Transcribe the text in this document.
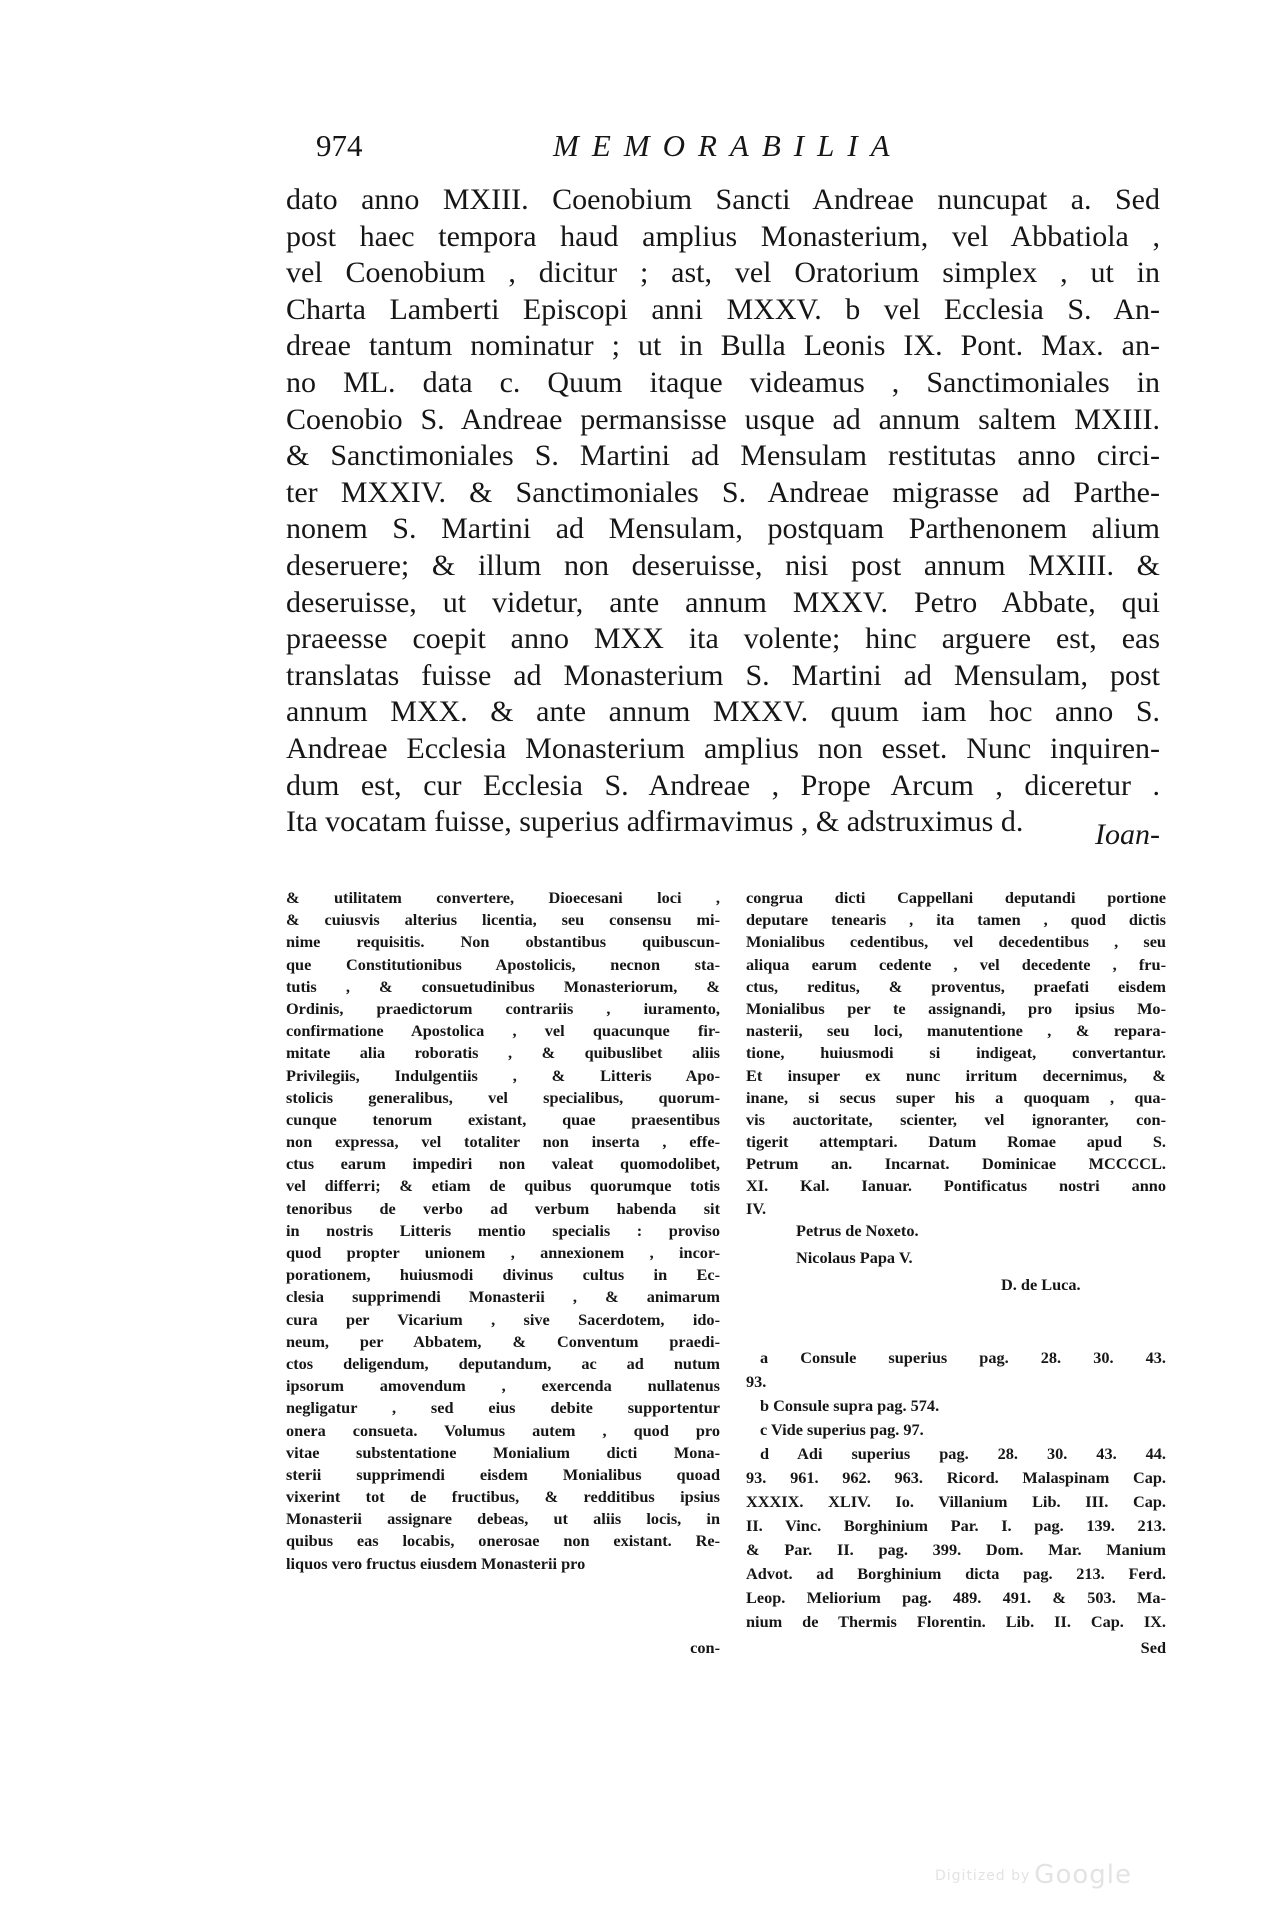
974	MEMORABILIA
dato anno MXIII. Coenobium Sancti Andreae nuncupat a. Sed
post haec tempora haud amplius Monasterium, vel Abbatiola ,
vel Coenobium , dicitur ; ast, vel Oratorium simplex , ut in
Charta Lamberti Episcopi anni MXXV. b vel Ecclesia S. An-
dreae tantum nominatur ; ut in Bulla Leonis IX. Pont. Max. an-
no ML. data c. Quum itaque videamus , Sanctimoniales in
Coenobio S. Andreae permansisse usque ad annum saltem MXIII.
& Sanctimoniales S. Martini ad Mensulam restitutas anno circi-
ter MXXIV. & Sanctimoniales S. Andreae migrasse ad Parthe-
nonem S. Martini ad Mensulam, postquam Parthenonem alium
deseruere; & illum non deseruisse, nisi post annum MXIII. &
deseruisse, ut videtur, ante annum MXXV. Petro Abbate, qui
praeesse coepit anno MXX ita volente; hinc arguere est, eas
translatas fuisse ad Monasterium S. Martini ad Mensulam, post
annum MXX. & ante annum MXXV. quum iam hoc anno S.
Andreae Ecclesia Monasterium amplius non esset. Nunc inquiren-
dum est, cur Ecclesia S. Andreae , Prope Arcum , diceretur .
Ita vocatam fuisse, superius adfirmavimus , & adstruximus d.	Ioan-
& utilitatem convertere, Dioecesani loci ,
& cuiusvis alterius licentia, seu consensu mi-
nime requisitis. Non obstantibus quibuscun-
que Constitutionibus Apostolicis, necnon sta-
tutis , & consuetudinibus Monasteriorum, &
Ordinis, praedictorum contrariis , iuramento,
confirmatione Apostolica , vel quacunque fir-
mitate alia roboratis , & quibuslibet aliis
Privilegiis, Indulgentiis , & Litteris Apo-
stolicis generalibus, vel specialibus, quorum-
cunque tenorum existant, quae praesentibus
non expressa, vel totaliter non inserta , effe-
ctus earum impediri non valeat quomodolibet,
vel differri; & etiam de quibus quorumque totis
tenoribus de verbo ad verbum habenda sit
in nostris Litteris mentio specialis : proviso
quod propter unionem , annexionem , incor-
porationem, huiusmodi divinus cultus in Ec-
clesia supprimendi Monasterii , & animarum
cura per Vicarium , sive Sacerdotem, ido-
neum, per Abbatem, & Conventum praedi-
ctos deligendum, deputandum, ac ad nutum
ipsorum amovendum , exercenda nullatenus
negligatur , sed eius debite supportentur
onera consueta. Volumus autem , quod pro
vitae substentatione Monialium dicti Mona-
sterii supprimendi eisdem Monialibus quoad
vixerint tot de fructibus, & redditibus ipsius
Monasterii assignare debeas, ut aliis locis, in
quibus eas locabis, onerosae non existant. Re-
liquos vero fructus eiusdem Monasterii pro
con-
congrua dicti Cappellani deputandi portione
deputare tenearis , ita tamen , quod dictis
Monialibus cedentibus, vel decedentibus , seu
aliqua earum cedente , vel decedente , fru-
ctus, reditus, & proventus, praefati eisdem
Monialibus per te assignandi, pro ipsius Mo-
nasterii, seu loci, manutentione , & repara-
tione, huiusmodi si indigeat, convertantur.
Et insuper ex nunc irritum decernimus, &
inane, si secus super his a quoquam , qua-
vis auctoritate, scienter, vel ignoranter, con-
tigerit attemptari. Datum Romae apud S.
Petrum an. Incarnat. Dominicae MCCCCL.
XI. Kal. Ianuar. Pontificatus nostri anno
IV.
Petrus de Noxeto.
Nicolaus Papa V.
D. de Luca.
a Consule superius pag. 28. 30. 43.
93.
b Consule supra pag. 574.
c Vide superius pag. 97.
d Adi superius pag. 28. 30. 43. 44.
93. 961. 962. 963. Ricord. Malaspinam Cap.
XXXIX. XLIV. Io. Villanium Lib. III. Cap.
II. Vinc. Borghinium Par. I. pag. 139. 213.
& Par. II. pag. 399. Dom. Mar. Manium
Advot. ad Borghinium dicta pag. 213. Ferd.
Leop. Meliorium pag. 489. 491. & 503. Ma-
nium de Thermis Florentin. Lib. II. Cap. IX.
Sed
Digitized by Google
